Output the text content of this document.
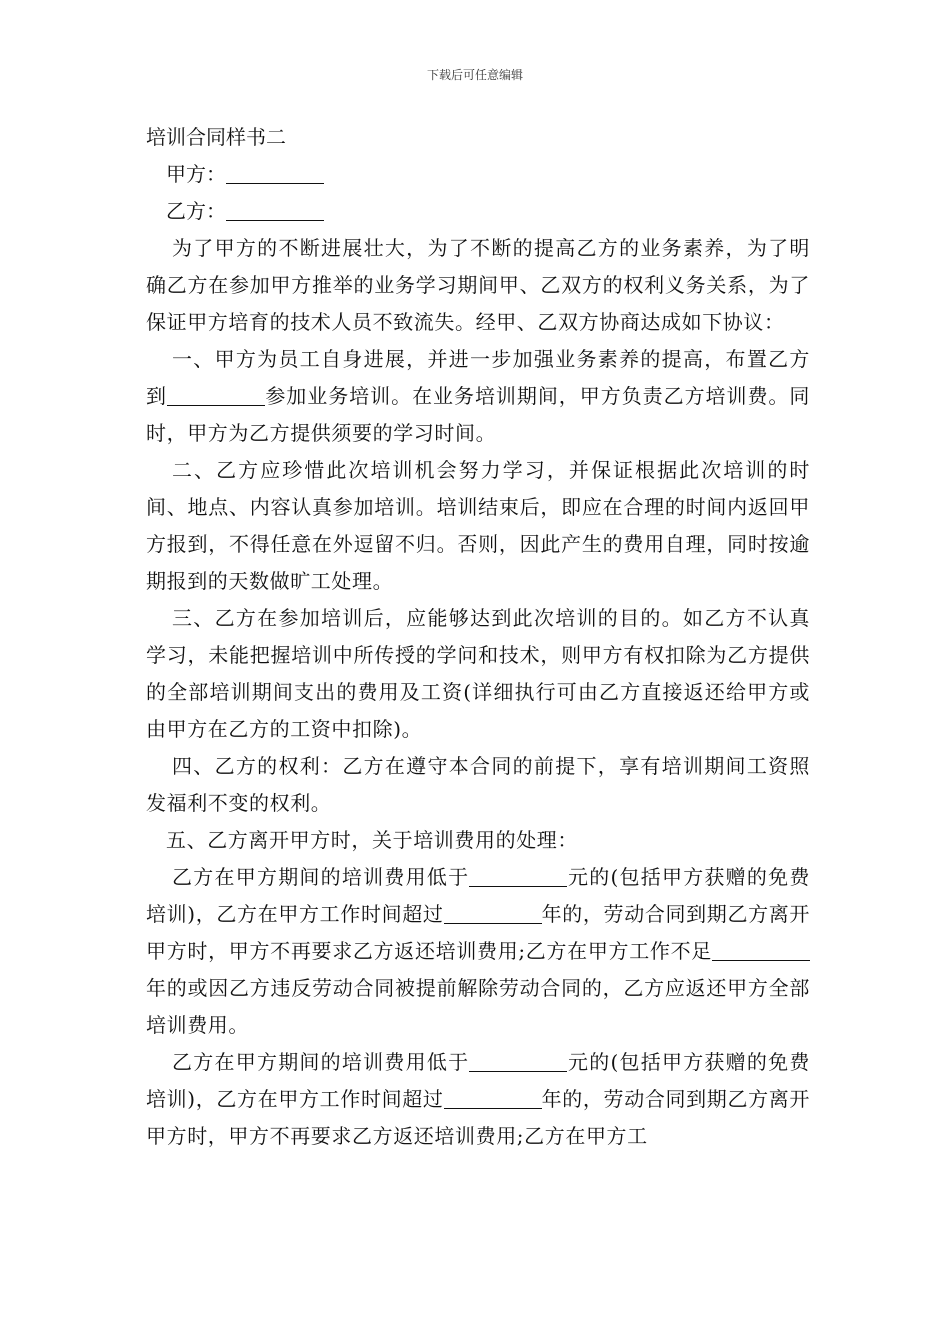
下载后可任意编辑
培训合同样书二

甲方：

乙方：

为了甲方的不断进展壮大，为了不断的提高乙方的业务素养，为了明确乙方在参加甲方推举的业务学习期间甲、乙双方的权利义务关系，为了保证甲方培育的技术人员不致流失。经甲、乙双方协商达成如下协议：

一、甲方为员工自身进展，并进一步加强业务素养的提高，布置乙方到	参加业务培训。在业务培训期间，甲方负责乙方培训费。同时，甲方为乙方提供须要的学习时间。

二、乙方应珍惜此次培训机会努力学习，并保证根据此次培训的时间、地点、内容认真参加培训。培训结束后，即应在合理的时间内返回甲方报到，不得任意在外逗留不归。否则，因此产生的费用自理，同时按逾期报到的天数做旷工处理。

三、乙方在参加培训后，应能够达到此次培训的目的。如乙方不认真学习，未能把握培训中所传授的学问和技术，则甲方有权扣除为乙方提供的全部培训期间支出的费用及工资(详细执行可由乙方直接返还给甲方或由甲方在乙方的工资中扣除)。

四、乙方的权利：乙方在遵守本合同的前提下，享有培训期间工资照发福利不变的权利。

五、乙方离开甲方时，关于培训费用的处理：

乙方在甲方期间的培训费用低于	元的(包括甲方获赠的免费培训)，乙方在甲方工作时间超过	年的，劳动合同到期乙方离开甲方时，甲方不再要求乙方返还培训费用;乙方在甲方工作不足年的或因乙方违反劳动合同被提前解除劳动合同的，乙方应返还甲方全部培训费用。

乙方在甲方期间的培训费用低于	元的(包括甲方获赠的免费培训)，乙方在甲方工作时间超过	年的，劳动合同到期乙方离开甲方时，甲方不再要求乙方返还培训费用;乙方在甲方工
